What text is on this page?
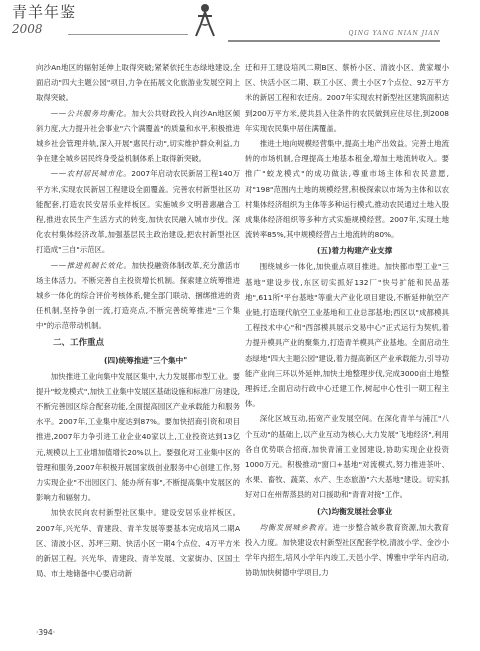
青羊年鉴
2008	QING YANG NIAN JIAN

向沙An地区的辐射延伸上取得突破;紧紧依托生态绿地建设,全面启动"四大主题公园"项目,力争在拓展文化旅游业发展空间上取得突破。

——公共服务均衡化。加大公共财政投入向沙An地区倾斜力度,大力提升社会事业"六个满覆盖"的质量和水平,积极推进城乡社会管理并轨,深入开展"惠民行动",切实维护群众利益,力争在建全城乡居民终身受益机制体系上取得新突破。

——农村居民城市化。2007年启动农民新居工程140万平方米,实现农民新居工程建设全面覆盖。完善农村新型社区功能配套,打造农民安居乐业样板区。实施城乡文明普惠融合工程,推进农民生产生活方式的转变,加快农民融入城市步伐。深化农村集体经济改革,加强基层民主政治建设,把农村新型社区打造成"三自"示范区。

——推进机制长效化。加快投融资体制改革,充分激活市场主体活力。不断完善自主投资增长机制。探索建立统筹推进城乡一体化的综合评价考核体系,健全部门联动、捆绑推进的责任机制,坚持争创一流,打造亮点,不断完善统筹推进"三个集中"的示范带动机制。

二、工作重点

(四)统筹推进"三个集中"

加快推进工业向集中发展区集中,大力发展都市型工业。要提升"蛟龙模式",加快工业集中发展区基础设施和标准厂房建设,不断完善园区综合配套功能,全面提高园区产业承载能力和服务水平。2007年,工业集中度达到87%。要加快招商引资和项目推进,2007年力争引进工业企业40家以上,工业投资达到13亿元,规模以上工业增加值增长20%以上。要强化对工业集中区的管理和服务,2007年积极开展国家级创业服务中心创建工作,努力实现企业"不出园区门、能办所有事",不断提高集中发展区的影响力和辐射力。

加快农民向农村新型社区集中。建设安居乐业样板区。2007年,兴光华、青建段、青羊发展等要基本完成培风二期A区、清波小区、苏坪三期、快活小区一期4个点位、4万平方米的新居工程。兴光华、青建段、青羊发展、文家街办、区国土局、市土地储备中心要启动新

迁和开工建设培风二期B区、蔡桥小区、清波小区、黄家堰小区、快活小区二期、联工小区、黄土小区7个点位、92万平方米的新居工程和农迁房。2007年实现农村新型社区建筑面积达到200万平方米,使共县入住条件的农民做到应住尽住,到2008年实现农民集中居住满覆盖。

推进土地向规模经营集中,提高土地产出效益。完善土地流转的市场机制,合理提高土地基本租金,增加土地流转收入。要推广"蛟龙模式"的成功做法,尊重市场主体和农民意愿,对"198"范围内土地的规模经营,积极探索以市场为主体和以农村集体经济组织为主体等多种运行模式,推动农民通过土地入股成集体经济组织等多种方式实施规模经营。2007年,实现土地流转率85%,其中规模经营占土地流转的80%。

(五)着力构建产业支撑

围绕城乡一体化,加快重点项目推进。加快都市型工业"三基地"建设步伐,东区切实抓好132厂"快号扩能和民品基地",611所"平台基地"等重大产业化项目建设,不断延伸航空产业链,打造现代航空工业基地和工业总部基地;西区以"成都模具工程技术中心"和"西部模具展示交易中心"正式运行为契机,着力提升模具产业的聚集力,打造青羊模具产业基地。全面启动生态绿地"四大主题公园"建设,着力提高新区产业承载能力,引导功能产业向三环以外延伸,加快土地整理步伐,完成3000亩土地整理拆迁,全面启动行政中心迁建工作,树起中心性引一期工程主体。

深化区域互动,拓宽产业发展空间。在深化青羊与浦江"八个互动"的基础上,以产业互动为核心,大力发展"飞地经济",利用各自优势联合招商,加快青浦工业园建设,协助实现企业投资1000万元。积极推动"窗口+基地"对流模式,努力推进茶叶、水果、畜牧、蔬菜、水产、生态旅游"六大基地"建设。切实抓好对口在州帮蒸县的对口援助和"青青对接"工作。

(六)均衡发展社会事业

均衡发展城乡教育。进一步整合城乡教育资源,加大教育投入力度。加快建设农村新型社区配套学校,清波小学、金沙小学年内招生,培风小学年内竣工,天邑小学、博雅中学年内启动,协助加快树德中学项目,力

·394·
